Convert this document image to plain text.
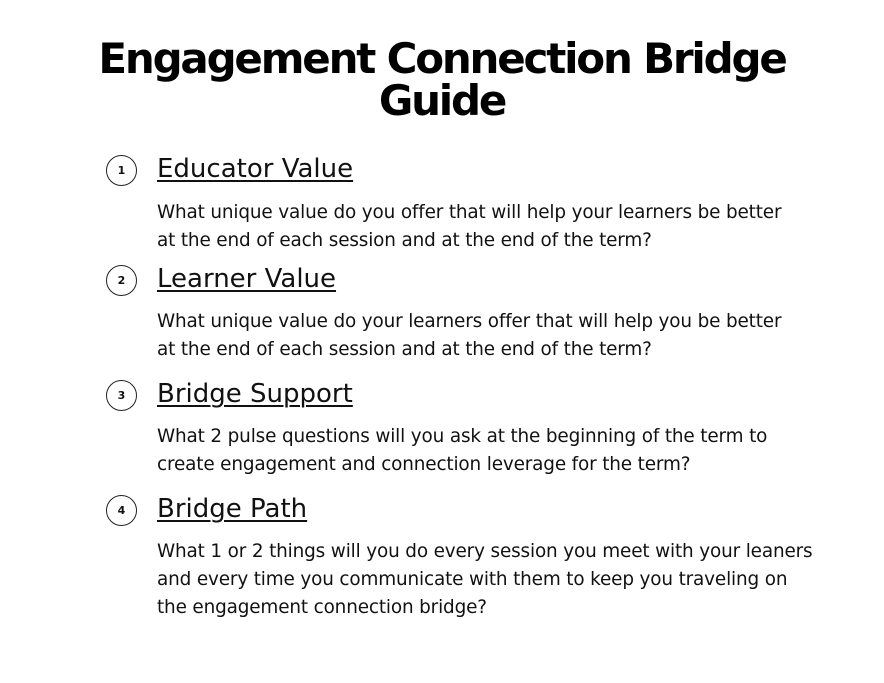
Engagement Connection Bridge
Guide
1	Educator Value
What unique value do you offer that will help your learners be better
at the end of each session and at the end of the term?
2	Learner Value
What unique value do your learners offer that will help you be better
at the end of each session and at the end of the term?
3	Bridge Support
What 2 pulse questions will you ask at the beginning of the term to
create engagement and connection leverage for the term?
4	Bridge Path
What 1 or 2 things will you do every session you meet with your leaners
and every time you communicate with them to keep you traveling on
the engagement connection bridge?
